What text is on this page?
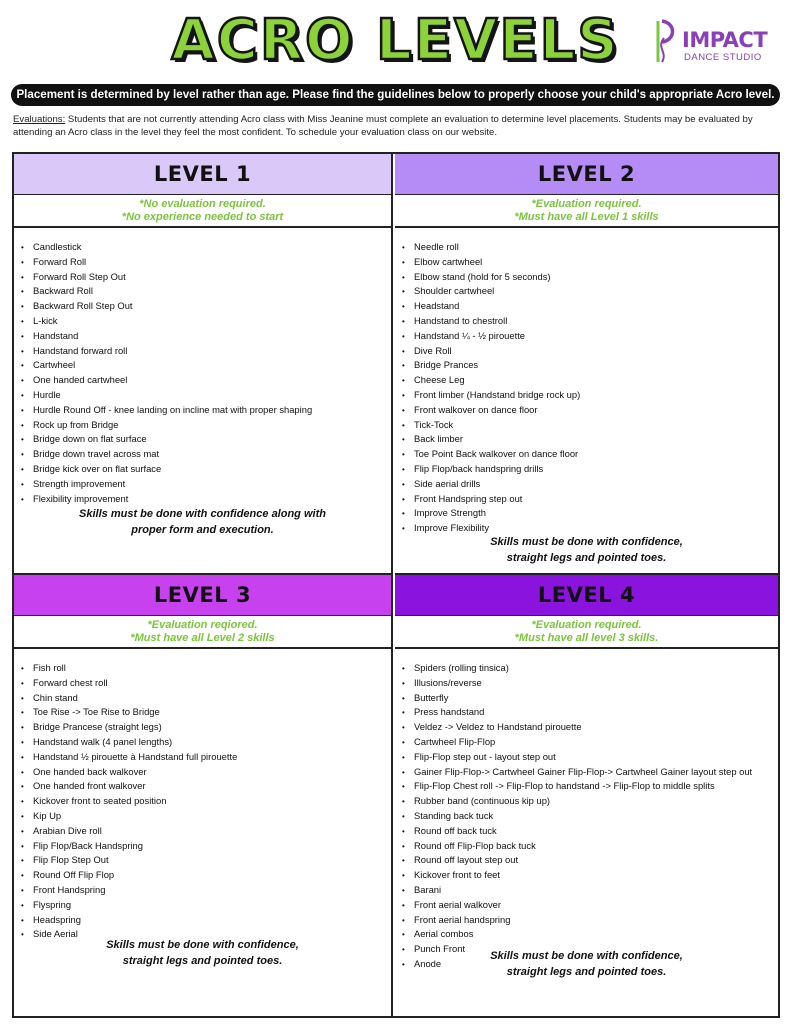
ACRO LEVELS	IMPACT
DANCE STUDIO
Placement is determined by level rather than age. Please find the guidelines below to properly choose your child's appropriate Acro level.
Evaluations: Students that are not currently attending Acro class with Miss Jeanine must complete an evaluation to determine level placements. Students may be evaluated by attending an Acro class in the level they feel the most confident. To schedule your evaluation class on our website.
LEVEL 1
*No evaluation required.
*No experience needed to start
• Candlestick
• Forward Roll
• Forward Roll Step Out
• Backward Roll
• Backward Roll Step Out
• L-kick
• Handstand
• Handstand forward roll
• Cartwheel
• One handed cartwheel
• Hurdle
• Hurdle Round Off - knee landing on incline mat with proper shaping
• Rock up from Bridge
• Bridge down on flat surface
• Bridge down travel across mat
• Bridge kick over on flat surface
• Strength improvement
• Flexibility improvement
Skills must be done with confidence along with
proper form and execution.
LEVEL 2
*Evaluation required.
*Must have all Level 1 skills
• Needle roll
• Elbow cartwheel
• Elbow stand (hold for 5 seconds)
• Shoulder cartwheel
• Headstand
• Handstand to chestroll
• Handstand ¼ - ½ pirouette
• Dive Roll
• Bridge Prances
• Cheese Leg
• Front limber (Handstand bridge rock up)
• Front walkover on dance floor
• Tick-Tock
• Back limber
• Toe Point Back walkover on dance floor
• Flip Flop/back handspring drills
• Side aerial drills
• Front Handspring step out
• Improve Strength
• Improve Flexibility
Skills must be done with confidence,
straight legs and pointed toes.
LEVEL 3
*Evaluation reqiored.
*Must have all Level 2 skills
• Fish roll
• Forward chest roll
• Chin stand
• Toe Rise -> Toe Rise to Bridge
• Bridge Prancese (straight legs)
• Handstand walk (4 panel lengths)
• Handstand ½ pirouette à Handstand full pirouette
• One handed back walkover
• One handed front walkover
• Kickover front to seated position
• Kip Up
• Arabian Dive roll
• Flip Flop/Back Handspring
• Flip Flop Step Out
• Round Off Flip Flop
• Front Handspring
• Flyspring
• Headspring
• Side Aerial
Skills must be done with confidence,
straight legs and pointed toes.
LEVEL 4
*Evaluation required.
*Must have all level 3 skills.
• Spiders (rolling tinsica)
• Illusions/reverse
• Butterfly
• Press handstand
• Veldez -> Veldez to Handstand pirouette
• Cartwheel Flip-Flop
• Flip-Flop step out - layout step out
• Gainer Flip-Flop-> Cartwheel Gainer Flip-Flop-> Cartwheel Gainer layout step out
• Flip-Flop Chest roll -> Flip-Flop to handstand -> Flip-Flop to middle splits
• Rubber band (continuous kip up)
• Standing back tuck
• Round off back tuck
• Round off Flip-Flop back tuck
• Round off layout step out
• Kickover front to feet
• Barani
• Front aerial walkover
• Front aerial handspring
• Aerial combos
• Punch Front
• Anode
Skills must be done with confidence,
straight legs and pointed toes.
